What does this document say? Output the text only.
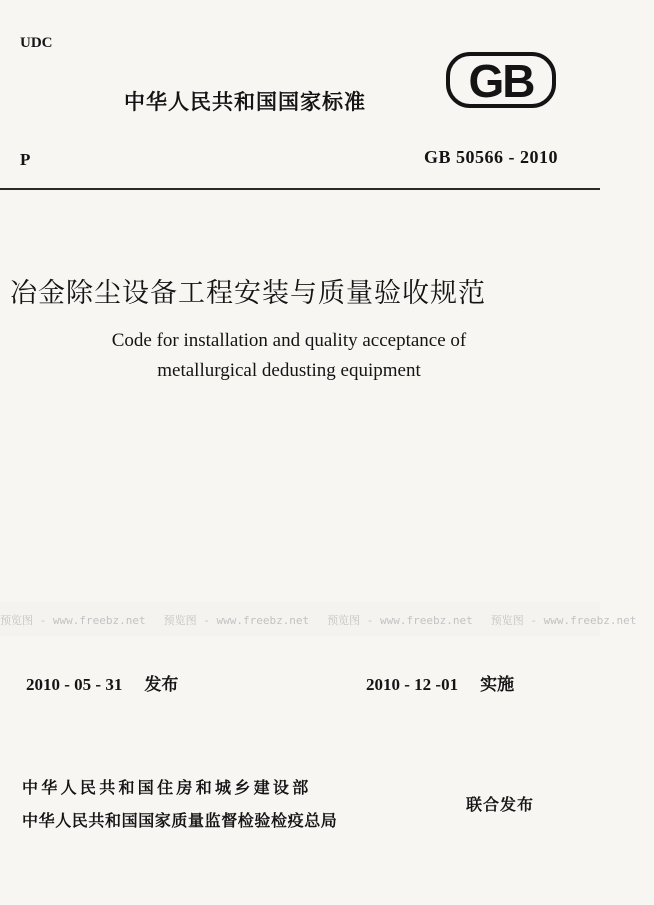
UDC
中华人民共和国国家标准 GB
P	GB 50566 - 2010
冶金除尘设备工程安装与质量验收规范
Code for installation and quality acceptance of
metallurgical dedusting equipment
预览图 - www.freebz.net 预览图 - www.freebz.net 预览图 - www.freebz.net 预览图 - www.freebz.net
2010 - 05 - 31 发布	2010 - 12 -01 实施
中华人民共和国住房和城乡建设部
中华人民共和国国家质量监督检验检疫总局
联合发布
